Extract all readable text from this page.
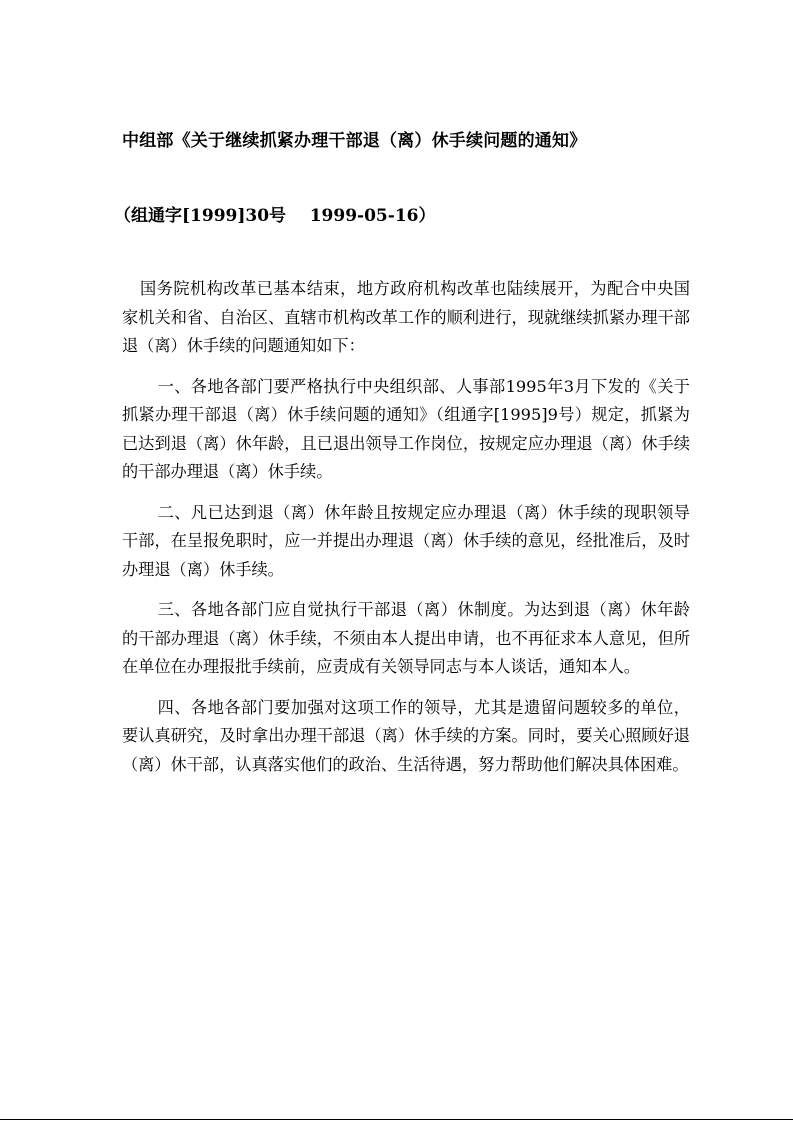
中组部《关于继续抓紧办理干部退（离）休手续问题的通知》
（组通字[1999]30号    1999-05-16）

国务院机构改革已基本结束，地方政府机构改革也陆续展开，为配合中央国家机关和省、自治区、直辖市机构改革工作的顺利进行，现就继续抓紧办理干部退（离）休手续的问题通知如下：

一、各地各部门要严格执行中央组织部、人事部1995年3月下发的《关于抓紧办理干部退（离）休手续问题的通知》（组通字[1995]9号）规定，抓紧为已达到退（离）休年龄，且已退出领导工作岗位，按规定应办理退（离）休手续的干部办理退（离）休手续。

二、凡已达到退（离）休年龄且按规定应办理退（离）休手续的现职领导干部，在呈报免职时，应一并提出办理退（离）休手续的意见，经批准后，及时办理退（离）休手续。

三、各地各部门应自觉执行干部退（离）休制度。为达到退（离）休年龄的干部办理退（离）休手续，不须由本人提出申请，也不再征求本人意见，但所在单位在办理报批手续前，应责成有关领导同志与本人谈话，通知本人。

四、各地各部门要加强对这项工作的领导，尤其是遗留问题较多的单位，要认真研究，及时拿出办理干部退（离）休手续的方案。同时，要关心照顾好退（离）休干部，认真落实他们的政治、生活待遇，努力帮助他们解决具体困难。
